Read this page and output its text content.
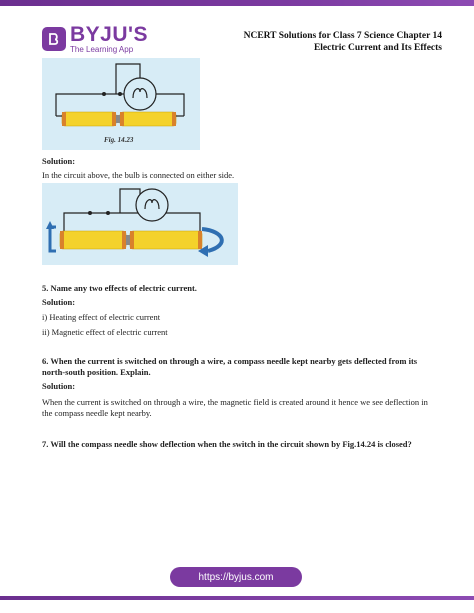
BYJU'S
The Learning App
NCERT Solutions for Class 7 Science Chapter 14
Electric Current and Its Effects
Fig. 14.23
Solution:
In the circuit above, the bulb is connected on either side.
5. Name any two effects of electric current.
Solution:
i) Heating effect of electric current
ii) Magnetic effect of electric current
6. When the current is switched on through a wire, a compass needle kept nearby gets deflected from its north-south position. Explain.
Solution:
When the current is switched on through a wire, the magnetic field is created around it hence we see deflection in the compass needle kept nearby.
7. Will the compass needle show deflection when the switch in the circuit shown by Fig.14.24 is closed?
https://byjus.com
